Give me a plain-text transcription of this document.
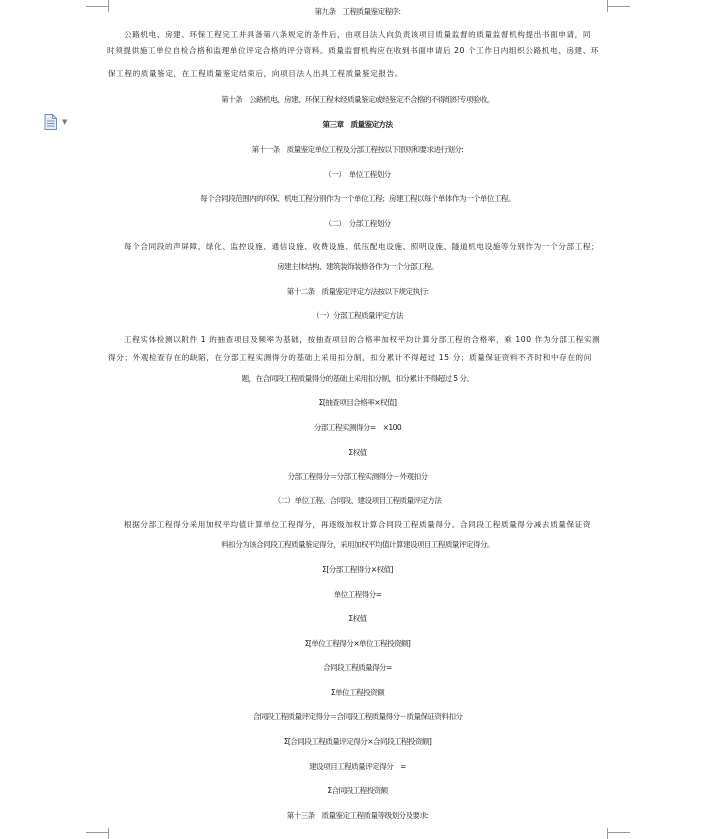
▼
第九条　工程质量鉴定程序:
公路机电、房建、环保工程完工并具备第八条规定的条件后，由项目法人向负责该项目质量监督的质量监督机构提出书面申请，同
时须提供施工单位自检合格和监理单位评定合格的评分资料。质量监督机构应在收到书面申请后 20 个工作日内组织公路机电、房建、环
保工程的质量鉴定，在工程质量鉴定结束后，向项目法人出具工程质量鉴定报告。
第十条　公路机电、房建、环保工程未经质量鉴定或经鉴定不合格的不得组织专项验收。
第三章　质量鉴定方法
第十一条　质量鉴定单位工程及分部工程按以下原则和要求进行划分:
（一）　单位工程划分
每个合同段范围内的环保、机电工程分别作为一个单位工程；房建工程以每个单体作为一个单位工程。
（二）　分部工程划分
每个合同段的声屏障、绿化、监控设施、通信设施、收费设施、低压配电设施、照明设施、隧道机电设施等分别作为一个分部工程；
房建主体结构、建筑装饰装修各作为一个分部工程。
第十二条　质量鉴定评定方法按以下规定执行:
（一）分部工程质量评定方法
工程实体检测以附件 1 的抽查项目及频率为基础，按抽查项目的合格率加权平均计算分部工程的合格率，乘 100 作为分部工程实测
得分；外观检查存在的缺陷，在分部工程实测得分的基础上采用扣分制，扣分累计不得超过 15 分；质量保证资料不齐时和中存在的问
题，在合同段工程质量得分的基础上采用扣分制，扣分累计不得超过 5 分。
Σ[抽查项目合格率×权值]
分部工程实测得分=　×100
Σ权值
分部工程得分＝分部工程实测得分－外观扣分
（二）单位工程、合同段、建设项目工程质量评定方法
根据分部工程得分采用加权平均值计算单位工程得分，再逐级加权计算合同段工程质量得分。合同段工程质量得分减去质量保证资
料扣分为该合同段工程质量鉴定得分，采用加权平均值计算建设项目工程质量评定得分。
Σ[分部工程得分×权值]
单位工程得分=
Σ权值
Σ[单位工程得分×单位工程投资额]
合同段工程质量得分=
Σ单位工程投资额
合同段工程质量评定得分＝合同段工程质量得分－质量保证资料扣分
Σ[合同段工程质量评定得分×合同段工程投资额]
建设项目工程质量评定得分　=
Σ合同段工程投资额
第十三条　质量鉴定工程质量等级划分及要求:
